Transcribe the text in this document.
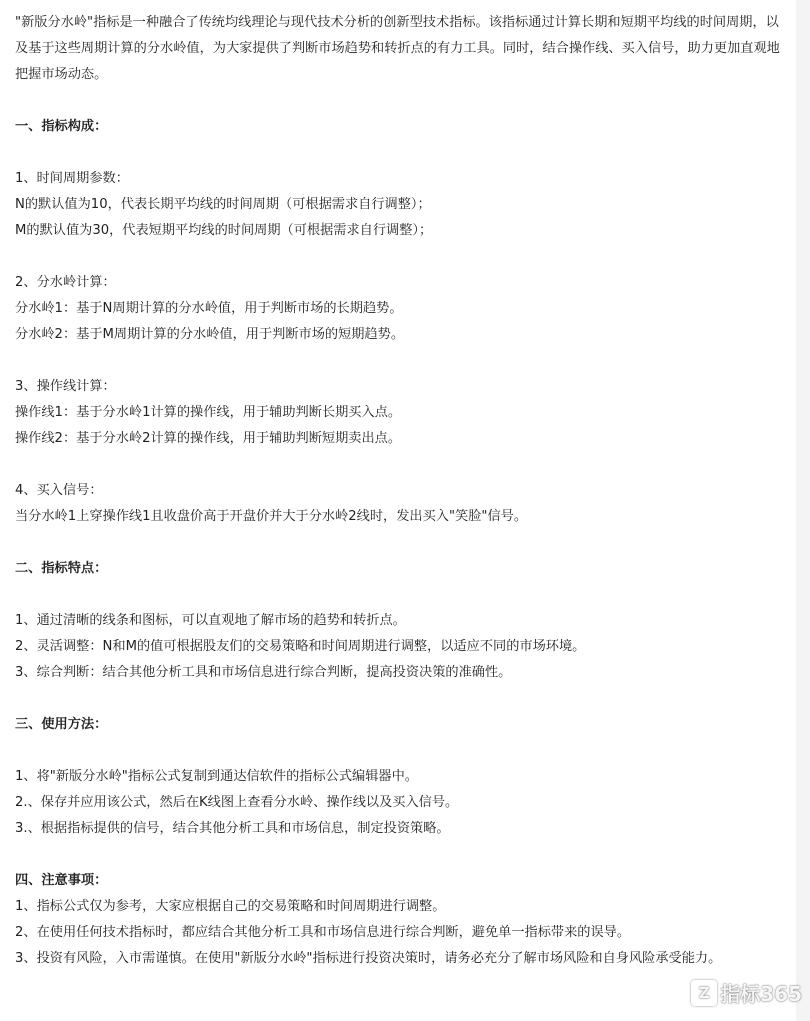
"新版分水岭"指标是一种融合了传统均线理论与现代技术分析的创新型技术指标。该指标通过计算长期和短期平均线的时间周期，以及基于这些周期计算的分水岭值，为大家提供了判断市场趋势和转折点的有力工具。同时，结合操作线、买入信号，助力更加直观地把握市场动态。

一、指标构成：

1、时间周期参数：

N的默认值为10，代表长期平均线的时间周期（可根据需求自行调整）；

M的默认值为30，代表短期平均线的时间周期（可根据需求自行调整）；

2、分水岭计算：

分水岭1：基于N周期计算的分水岭值，用于判断市场的长期趋势。

分水岭2：基于M周期计算的分水岭值，用于判断市场的短期趋势。

3、操作线计算：

操作线1：基于分水岭1计算的操作线，用于辅助判断长期买入点。

操作线2：基于分水岭2计算的操作线，用于辅助判断短期卖出点。

4、买入信号：

当分水岭1上穿操作线1且收盘价高于开盘价并大于分水岭2线时，发出买入"笑脸"信号。

二、指标特点：

1、通过清晰的线条和图标，可以直观地了解市场的趋势和转折点。

2、灵活调整：N和M的值可根据股友们的交易策略和时间周期进行调整，以适应不同的市场环境。

3、综合判断：结合其他分析工具和市场信息进行综合判断，提高投资决策的准确性。

三、使用方法：

1、将"新版分水岭"指标公式复制到通达信软件的指标公式编辑器中。

2.、保存并应用该公式，然后在K线图上查看分水岭、操作线以及买入信号。

3.、根据指标提供的信号，结合其他分析工具和市场信息，制定投资策略。

四、注意事项：

1、指标公式仅为参考，大家应根据自己的交易策略和时间周期进行调整。

2、在使用任何技术指标时，都应结合其他分析工具和市场信息进行综合判断，避免单一指标带来的误导。

3、投资有风险，入市需谨慎。在使用"新版分水岭"指标进行投资决策时，请务必充分了解市场风险和自身风险承受能力。

Z 指标365
